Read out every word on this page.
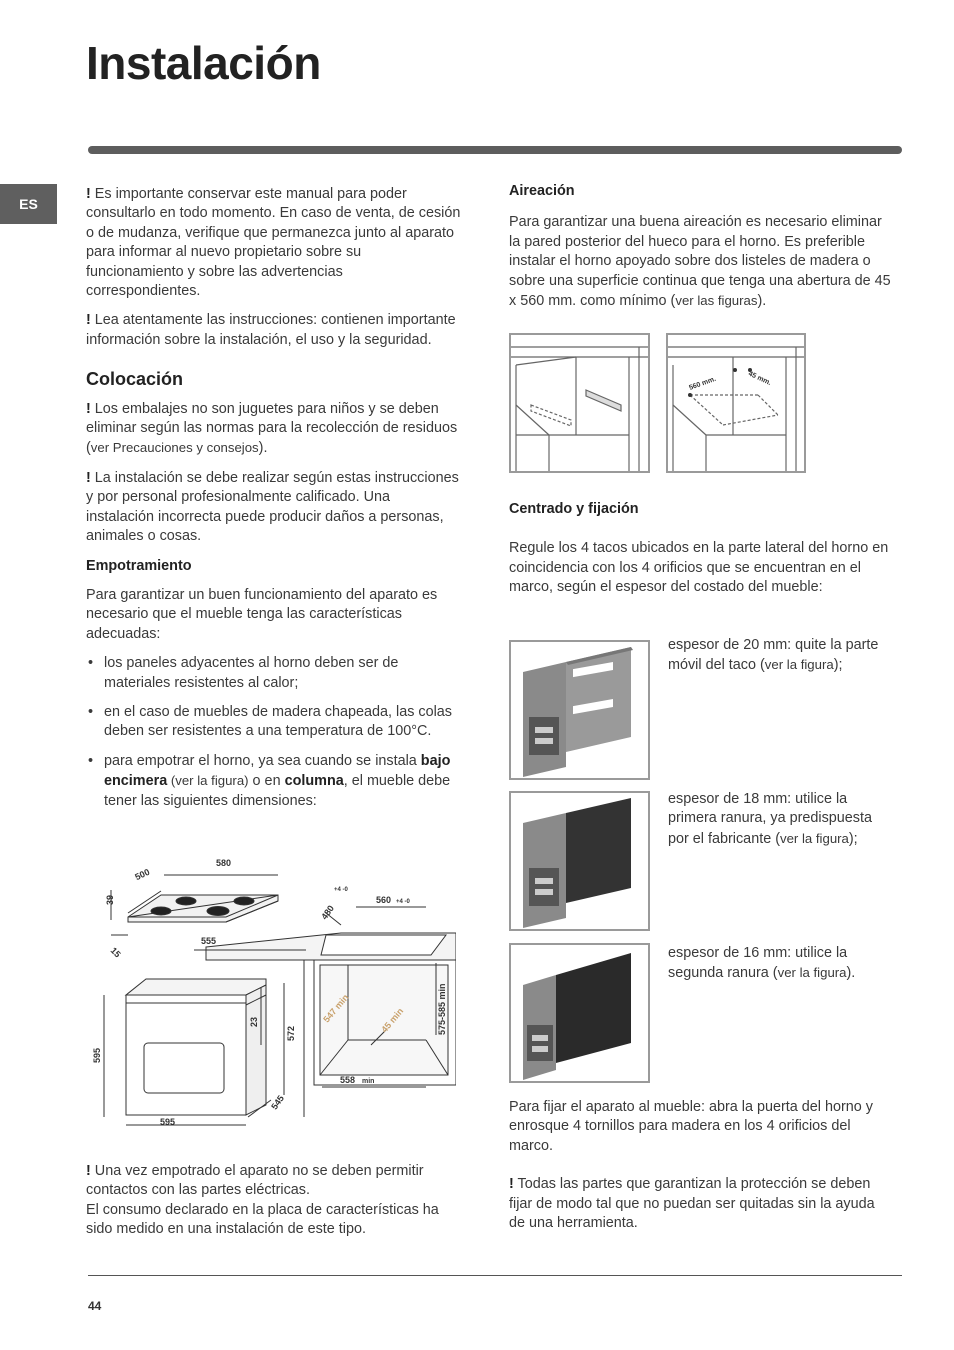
Instalación
ES

! Es importante conservar este manual para poder consultarlo en todo momento. En caso de venta, de cesión o de mudanza, verifique que permanezca junto al aparato para informar al nuevo propietario sobre su funcionamiento y sobre las advertencias correspondientes.

! Lea atentamente las instrucciones: contienen importante información sobre la instalación, el uso y la seguridad.

Colocación

! Los embalajes no son juguetes para niños y se deben eliminar según las normas para la recolección de residuos (ver Precauciones y consejos).

! La instalación se debe realizar según estas instrucciones y por personal profesionalmente calificado. Una instalación incorrecta puede producir daños a personas, animales o cosas.

Empotramiento

Para garantizar un buen funcionamiento del aparato es necesario que el mueble tenga las características adecuadas:

• los paneles adyacentes al horno deben ser de materiales resistentes al calor;
• en el caso de muebles de madera chapeada, las colas deben ser resistentes a una temperatura de 100°C.
• para empotrar el horno, ya sea cuando se instala bajo encimera (ver la figura) o en columna, el mueble debe tener las siguientes dimensiones:
500
580
39
15
555
480
+4 -0
560 +4 -0
23
572
595
595
545
547 min	45 min	575-585 min
558 min

! Una vez empotrado el aparato no se deben permitir contactos con las partes eléctricas.

El consumo declarado en la placa de características ha sido medido en una instalación de este tipo.

Aireación

Para garantizar una buena aireación es necesario eliminar la pared posterior del hueco para el horno. Es preferible instalar el horno apoyado sobre dos listeles de madera o sobre una superficie continua que tenga una abertura de 45 x 560 mm. como mínimo (ver las figuras).

560 mm.	45 mm.
Centrado y fijación

Regule los 4 tacos ubicados en la parte lateral del horno en coincidencia con los 4 orificios que se encuentran en el marco, según el espesor del costado del mueble:

espesor de 20 mm: quite la parte móvil del taco (ver la figura);

espesor de 18 mm: utilice la primera ranura, ya predispuesta por el fabricante (ver la figura);

espesor de 16 mm: utilice la segunda ranura (ver la figura).

Para fijar el aparato al mueble: abra la puerta del horno y enrosque 4 tornillos para madera en los 4 orificios del marco.

! Todas las partes que garantizan la protección se deben fijar de modo tal que no puedan ser quitadas sin la ayuda de una herramienta.

44
